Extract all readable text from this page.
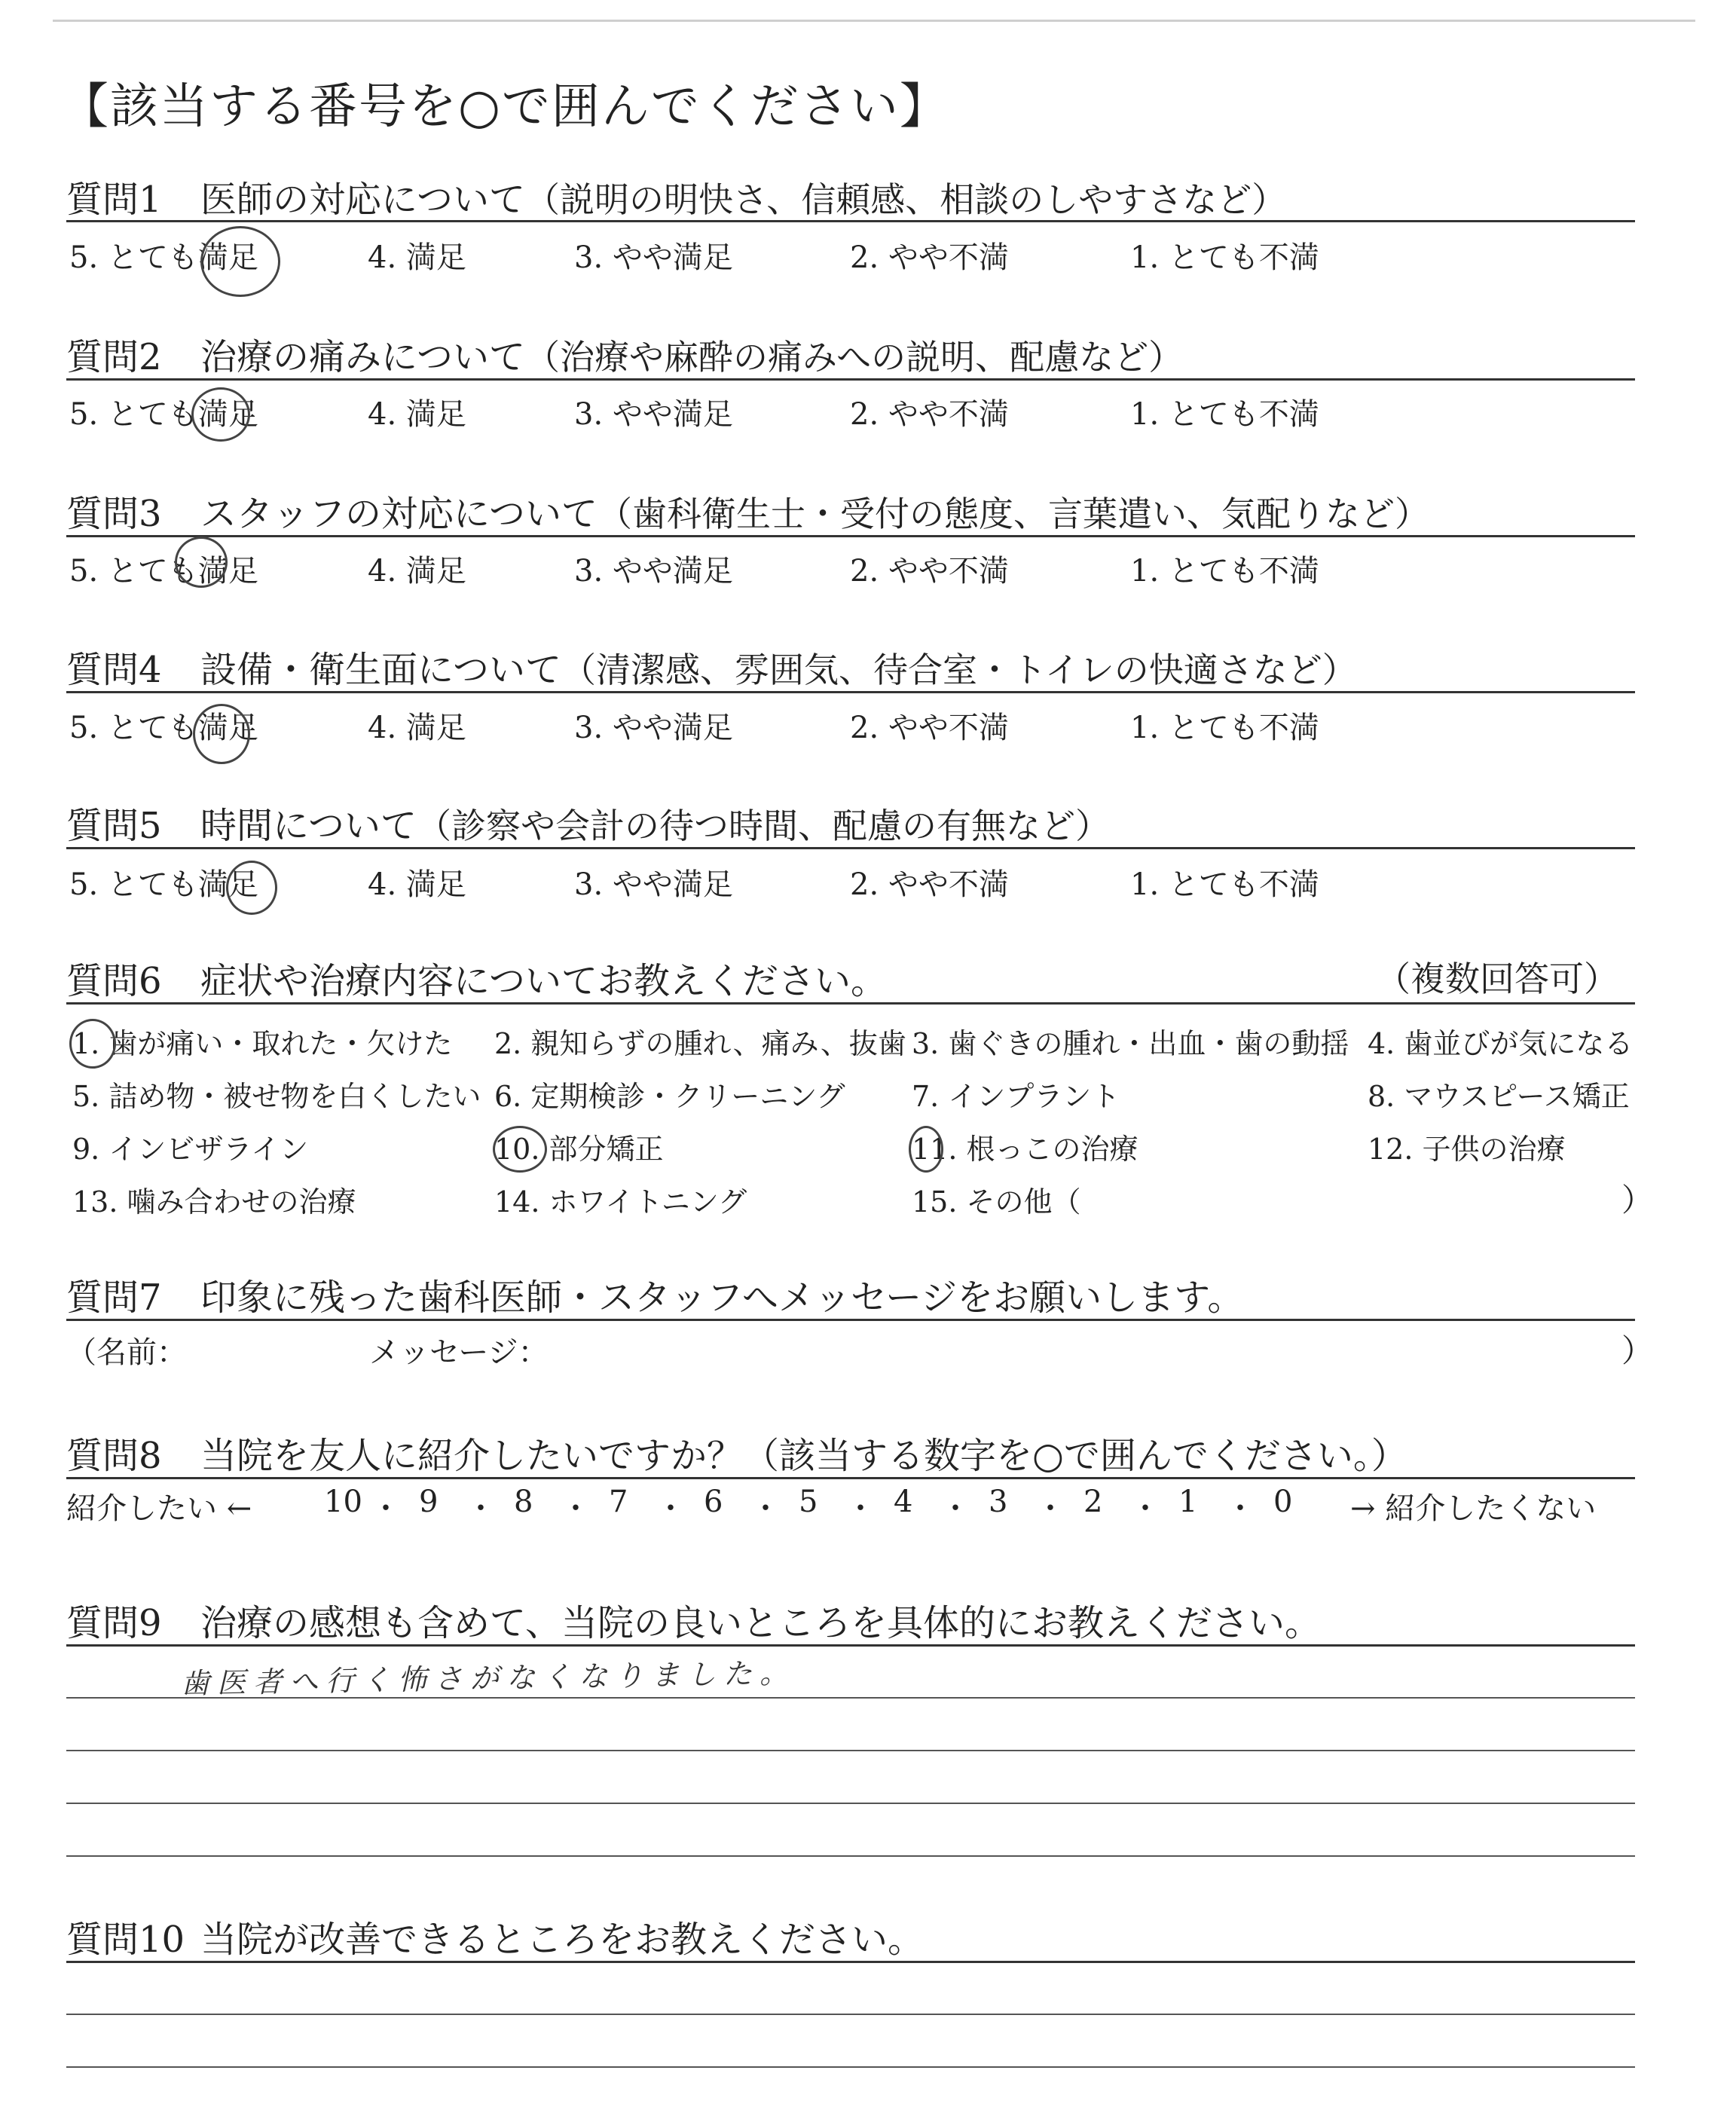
【該当する番号を○で囲んでください】
質問1 医師の対応について（説明の明快さ、信頼感、相談のしやすさなど）
5. とても満足	4. 満足	3. やや満足	2. やや不満	1. とても不満
質問2 治療の痛みについて（治療や麻酔の痛みへの説明、配慮など）
5. とても満足	4. 満足	3. やや満足	2. やや不満	1. とても不満
質問3 スタッフの対応について（歯科衛生士・受付の態度、言葉遣い、気配りなど）
5. とても満足	4. 満足	3. やや満足	2. やや不満	1. とても不満
質問4 設備・衛生面について（清潔感、雰囲気、待合室・トイレの快適さなど）
5. とても満足	4. 満足	3. やや満足	2. やや不満	1. とても不満
質問5 時間について（診察や会計の待つ時間、配慮の有無など）
5. とても満足	4. 満足	3. やや満足	2. やや不満	1. とても不満
質問6 症状や治療内容についてお教えください。	（複数回答可）
1. 歯が痛い・取れた・欠けた 2. 親知らずの腫れ、痛み、抜歯 3. 歯ぐきの腫れ・出血・歯の動揺 4. 歯並びが気になる
5. 詰め物・被せ物を白くしたい 6. 定期検診・クリーニング 7. インプラント	8. マウスピース矯正
9. インビザライン	10. 部分矯正	11. 根っこの治療	12. 子供の治療
13. 噛み合わせの治療	14. ホワイトニング	15. その他（	）
質問7 印象に残った歯科医師・スタッフへメッセージをお願いします。
（名前：	メッセージ：	）
質問8 当院を友人に紹介したいですか？（該当する数字を○で囲んでください。）
紹介したい ← 10 ・ 9 ・ 8 ・ 7 ・ 6 ・ 5 ・ 4 ・ 3 ・ 2 ・ 1 ・ 0 → 紹介したくない
質問9 治療の感想も含めて、当院の良いところを具体的にお教えください。
歯医者へ行く怖さがなくなりました。
質問10 当院が改善できるところをお教えください。
